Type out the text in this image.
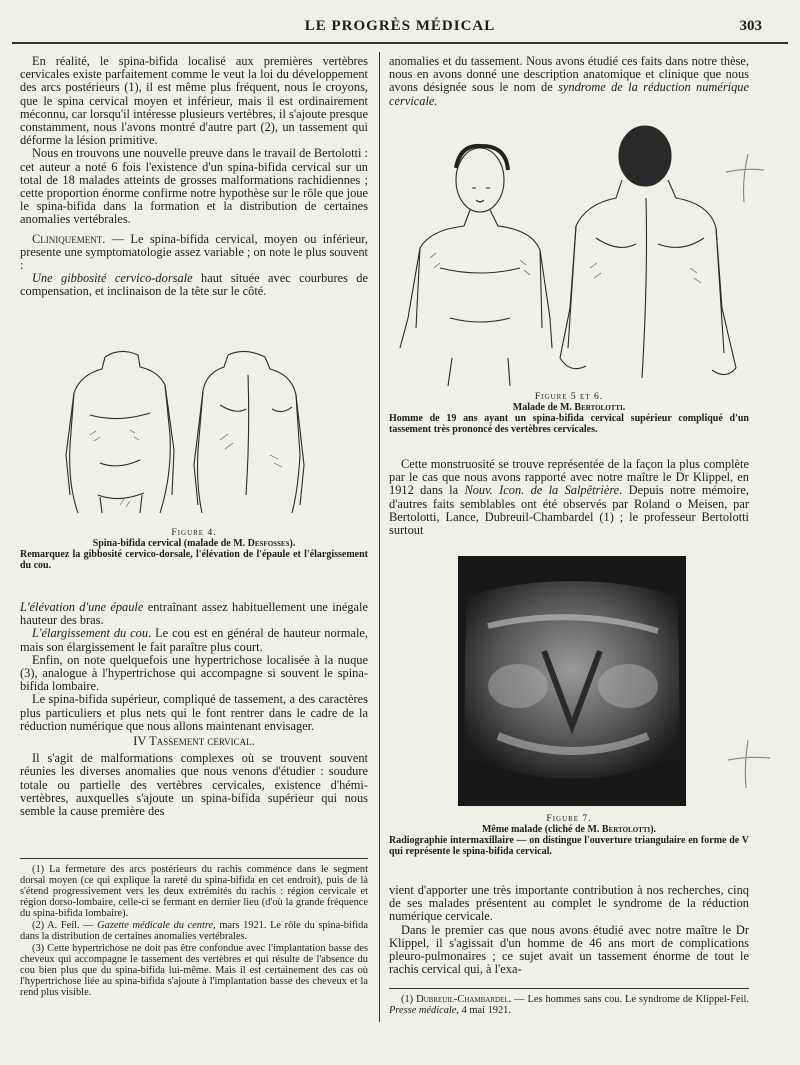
LE PROGRÈS MÉDICAL	303

En réalité, le spina-bifida localisé aux premières vertèbres cervicales existe parfaitement comme le veut la loi du développement des arcs postérieurs (1), il est même plus fréquent, nous le croyons, que le spina cervical moyen et inférieur, mais il est ordinairement méconnu, car lorsqu'il intéresse plusieurs vertèbres, il s'ajoute presque constamment, nous l'avons montré d'autre part (2), un tassement qui déforme la lésion primitive.

Nous en trouvons une nouvelle preuve dans le travail de Bertolotti : cet auteur a noté 6 fois l'existence d'un spina-bifida cervical sur un total de 18 malades atteints de grosses malformations rachidiennes ; cette proportion énorme confirme notre hypothèse sur le rôle que joue le spina-bifida dans la formation et la distribution de certaines anomalies vertébrales.

Cliniquement. — Le spina-bifida cervical, moyen ou inférieur, presente une symptomatologie assez variable ; on note le plus souvent :

Une gibbosité cervico-dorsale haut située avec courbures de compensation, et inclinaison de la tête sur le côté.

Figure 4.
Spina-bifida cervical (malade de M. Desfosses).
Remarquez la gibbosité cervico-dorsale, l'élévation de l'épaule et l'élargissement du cou.

L'élévation d'une épaule entraînant assez habituellement une inégale hauteur des bras.

L'élargissement du cou. Le cou est en général de hauteur normale, mais son élargissement le fait paraître plus court.

Enfin, on note quelquefois une hypertrichose localisée à la nuque (3), analogue à l'hypertrichose qui accompagne si souvent le spina-bifida lombaire.

Le spina-bifida supérieur, compliqué de tassement, a des caractères plus particuliers et plus nets qui le font rentrer dans le cadre de la réduction numérique que nous allons maintenant envisager.

IV Tassement cervical.

Il s'agit de malformations complexes où se trouvent souvent réunies les diverses anomalies que nous venons d'étudier : soudure totale ou partielle des vertèbres cervicales, existence d'hémi-vertèbres, auxquelles s'ajoute un spina-bifida supérieur qui nous semble la cause première des

(1) La fermeture des arcs postérieurs du rachis commence dans le segment dorsal moyen (ce qui explique la rareté du spina-bifida en cet endroit), puis de là s'étend progressivement vers les deux extrémités du rachis : région cervicale et région dorso-lombaire, celle-ci se fermant en dernier lieu (d'où la grande fréquence du spina-bifida lombaire).

(2) A. Feil. — Gazette médicale du centre, mars 1921. Le rôle du spina-bifida dans la distribution de certaines anomalies vertébrales.

(3) Cette hypertrichose ne doit pas être confondue avec l'implantation basse des cheveux qui accompagne le tassement des vertèbres et qui résulte de l'absence du cou bien plus que du spina-bifida lui-même. Mais il est certainement des cas où l'hypertrichose liée au spina-bifida s'ajoute à l'implantation basse des cheveux et la rend plus visible.

anomalies et du tassement. Nous avons étudié ces faits dans notre thèse, nous en avons donné une description anatomique et clinique que nous avons désignée sous le nom de syndrome de la réduction numérique cervicale.

Figure 5 et 6.
Malade de M. Bertolotti.
Homme de 19 ans ayant un spina-bifida cervical supérieur compliqué d'un tassement très prononcé des vertèbres cervicales.

Cette monstruosité se trouve représentée de la façon la plus complète par le cas que nous avons rapporté avec notre maître le Dr Klippel, en 1912 dans la Nouv. Icon. de la Salpêtrière. Depuis notre mémoire, d'autres faits semblables ont été observés par Roland o Meisen, par Bertolotti, Lance, Dubreuil-Chambardel (1) ; le professeur Bertolotti surtout

Figure 7.
Même malade (cliché de M. Bertolotti).
Radiographie intermaxillaire — on distingue l'ouverture triangulaire en forme de V qui représente le spina-bifida cervical.

vient d'apporter une très importante contribution à nos recherches, cinq de ses malades présentent au complet le syndrome de la réduction numérique cervicale.

Dans le premier cas que nous avons étudié avec notre maître le Dr Klippel, il s'agissait d'un homme de 46 ans mort de complications pleuro-pulmonaires ; ce sujet avait un tassement énorme de tout le rachis cervical qui, à l'exa-

(1) Dubreuil-Chambardel. — Les hommes sans cou. Le syndrome de Klippel-Feil. Presse médicale, 4 mai 1921.
